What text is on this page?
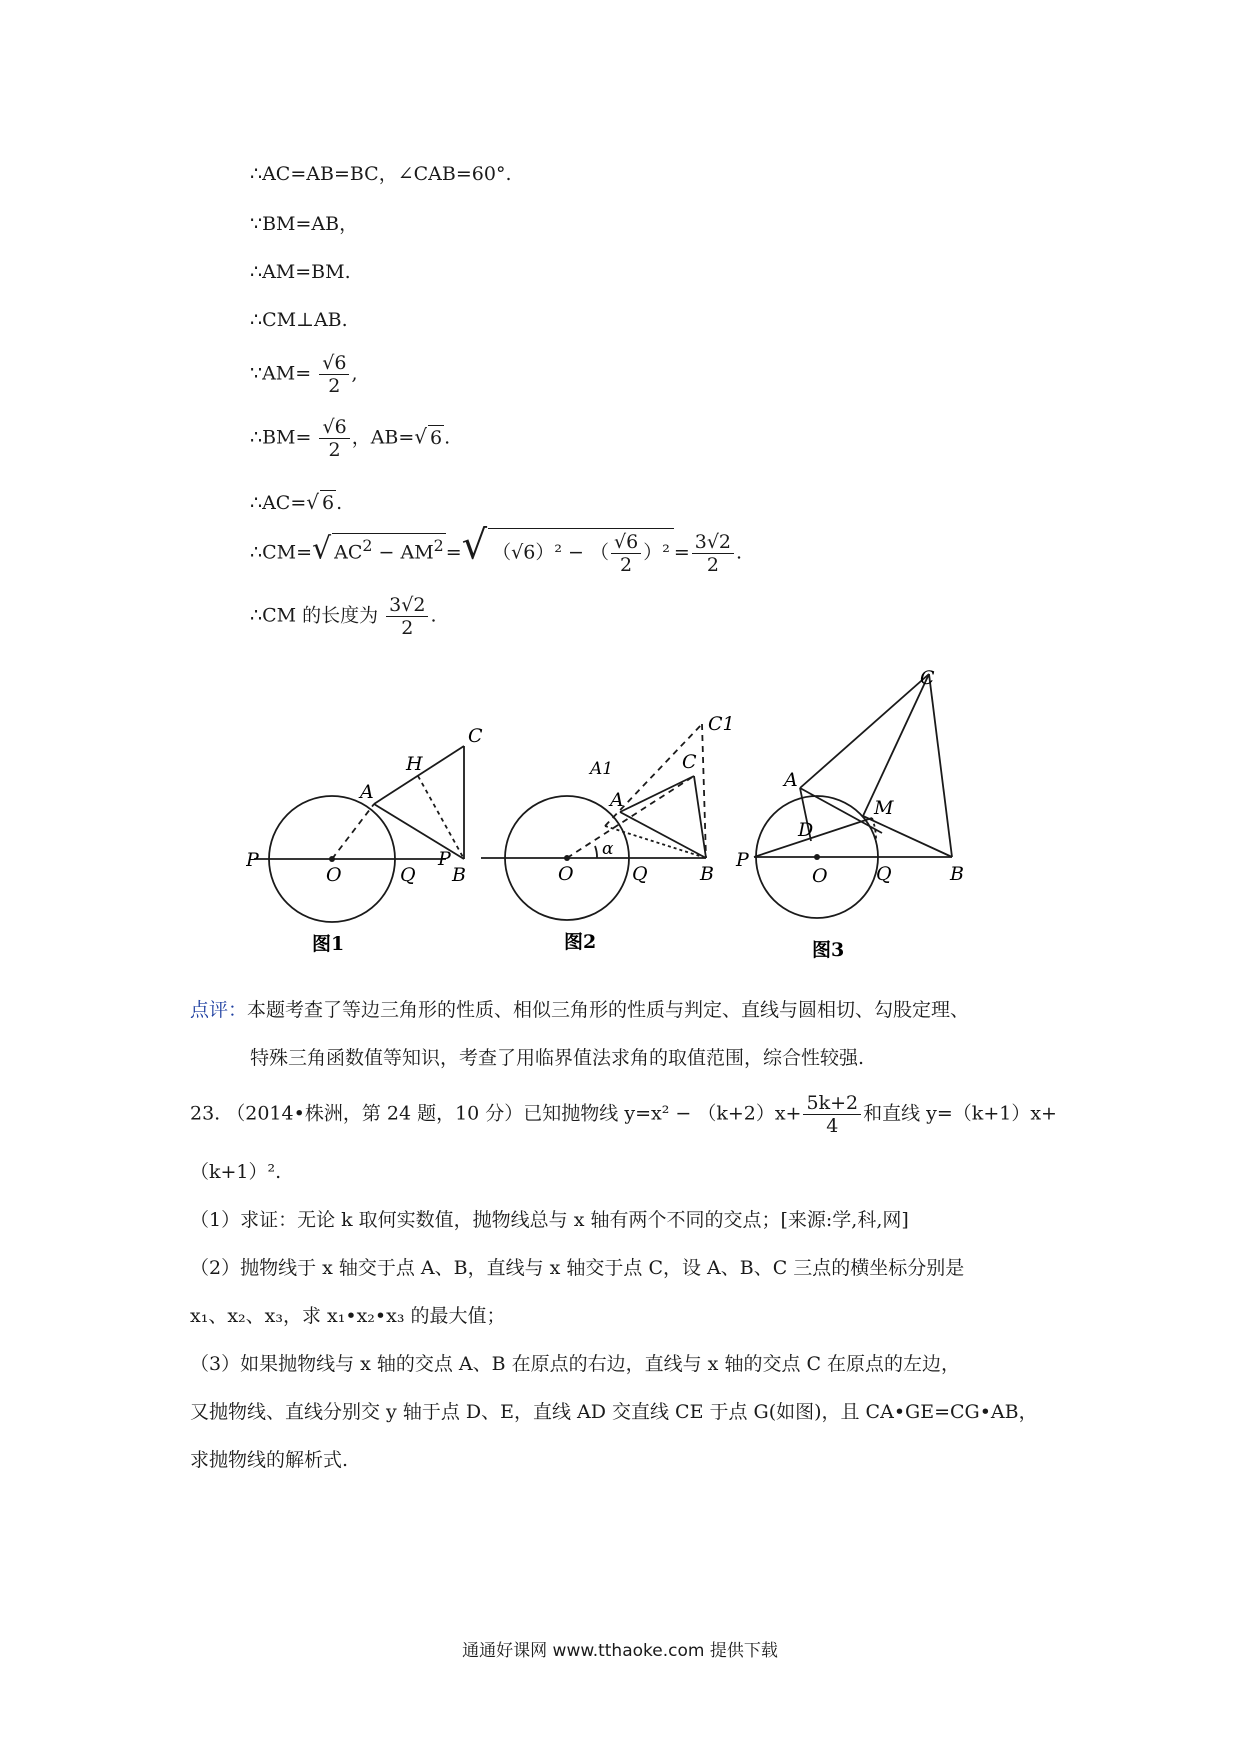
∴AC=AB=BC，∠CAB=60°.
∵BM=AB，
∴AM=BM.
∴CM⊥AB.
∵AM= $\frac{√6}{2}$ ,
∴BM= $\frac{√6}{2}$ ，AB=√ 6 .
∴AC=√ 6 .
∴CM=√ $AC^2 - AM^2$ =√ （√6）² − （ $\frac{√6}{2} )^2 = \frac{3√2}{2}$ .
∴CM 的长度为 $\frac{3√2}{2}$ .
P
O	Q B
A
H
C
图1
P
O	Q	B
A
A1	C
C1
α
图2
P
O	Q	B
A
D
M
C
图3
点评：本题考查了等边三角形的性质、相似三角形的性质与判定、直线与圆相切、勾股定理、
特殊三角函数值等知识，考查了用临界值法求角的取值范围，综合性较强.
23. （2014•株洲，第 24 题，10 分）已知抛物线 $y=x^2 - (k+2)x+ \frac{5k+2}{4}$ 和直线 y=（k+1）x+
（k+1）².
（1）求证：无论 k 取何实数值，抛物线总与 x 轴有两个不同的交点；[来源:学,科,网]
（2）抛物线于 x 轴交于点 A、B，直线与 x 轴交于点 C，设 A、B、C 三点的横坐标分别是
x₁、x₂、x₃，求 x₁•x₂•x₃ 的最大值；
（3）如果抛物线与 x 轴的交点 A、B 在原点的右边，直线与 x 轴的交点 C 在原点的左边，
又抛物线、直线分别交 y 轴于点 D、E，直线 AD 交直线 CE 于点 G(如图)，且 CA•GE=CG•AB，
求抛物线的解析式.
通通好课网 www.tthaoke.com 提供下载
